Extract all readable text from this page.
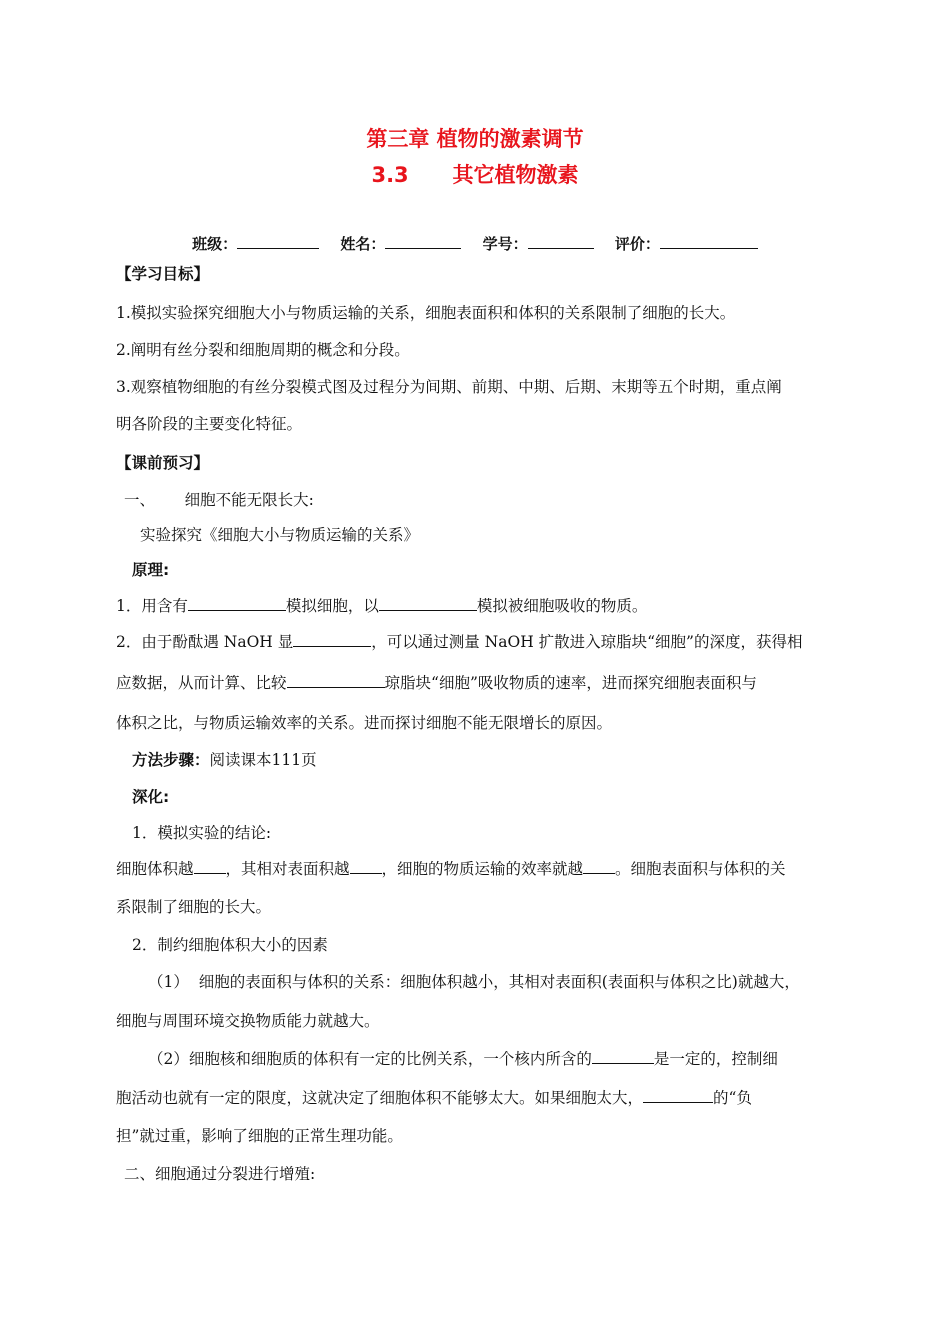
第三章 植物的激素调节
3.3 其它植物激素
班级：	姓名：	学号：	评价：
【学习目标】
1.模拟实验探究细胞大小与物质运输的关系，细胞表面积和体积的关系限制了细胞的长大。
2.阐明有丝分裂和细胞周期的概念和分段。
3.观察植物细胞的有丝分裂模式图及过程分为间期、前期、中期、后期、末期等五个时期，重点阐
明各阶段的主要变化特征。
【课前预习】
一、 细胞不能无限长大:
实验探究《细胞大小与物质运输的关系》
原理:
1．用含有	模拟细胞，以	模拟被细胞吸收的物质。
2．由于酚酞遇 NaOH 显	，可以通过测量 NaOH 扩散进入琼脂块“细胞”的深度，获得相
应数据，从而计算、比较	琼脂块“细胞”吸收物质的速率，进而探究细胞表面积与
体积之比，与物质运输效率的关系。进而探讨细胞不能无限增长的原因。
方法步骤：阅读课本111页
深化:
1．模拟实验的结论:
细胞体积越 ，其相对表面积越 ，细胞的物质运输的效率就越 。细胞表面积与体积的关
系限制了细胞的长大。
2．制约细胞体积大小的因素
（1）  细胞的表面积与体积的关系：细胞体积越小，其相对表面积(表面积与体积之比)就越大，
细胞与周围环境交换物质能力就越大。
（2）细胞核和细胞质的体积有一定的比例关系，一个核内所含的	是一定的，控制细
胞活动也就有一定的限度，这就决定了细胞体积不能够太大。如果细胞太大，	的“负
担”就过重，影响了细胞的正常生理功能。
二、细胞通过分裂进行增殖:
